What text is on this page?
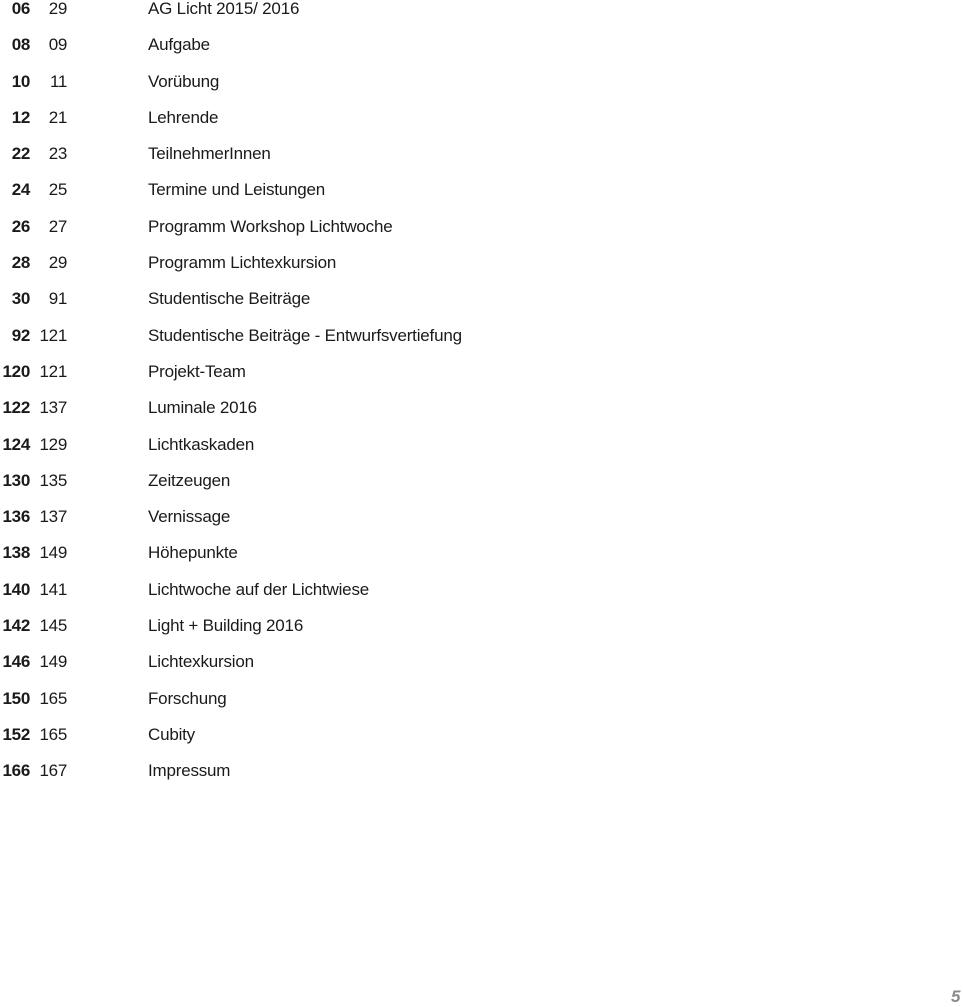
06 29	AG Licht 2015/ 2016
08 09	Aufgabe
10 11	Vorübung
12 21	Lehrende
22 23	TeilnehmerInnen
24 25	Termine und Leistungen
26 27	Programm Workshop Lichtwoche
28 29	Programm Lichtexkursion
30 91	Studentische Beiträge
92 121	Studentische Beiträge - Entwurfsvertiefung
120 121	Projekt-Team
122 137	Luminale 2016
124 129	Lichtkaskaden
130 135	Zeitzeugen
136 137	Vernissage
138 149	Höhepunkte
140 141	Lichtwoche auf der Lichtwiese
142 145	Light + Building 2016
146 149	Lichtexkursion
150 165	Forschung
152 165	Cubity
166 167	Impressum
5
